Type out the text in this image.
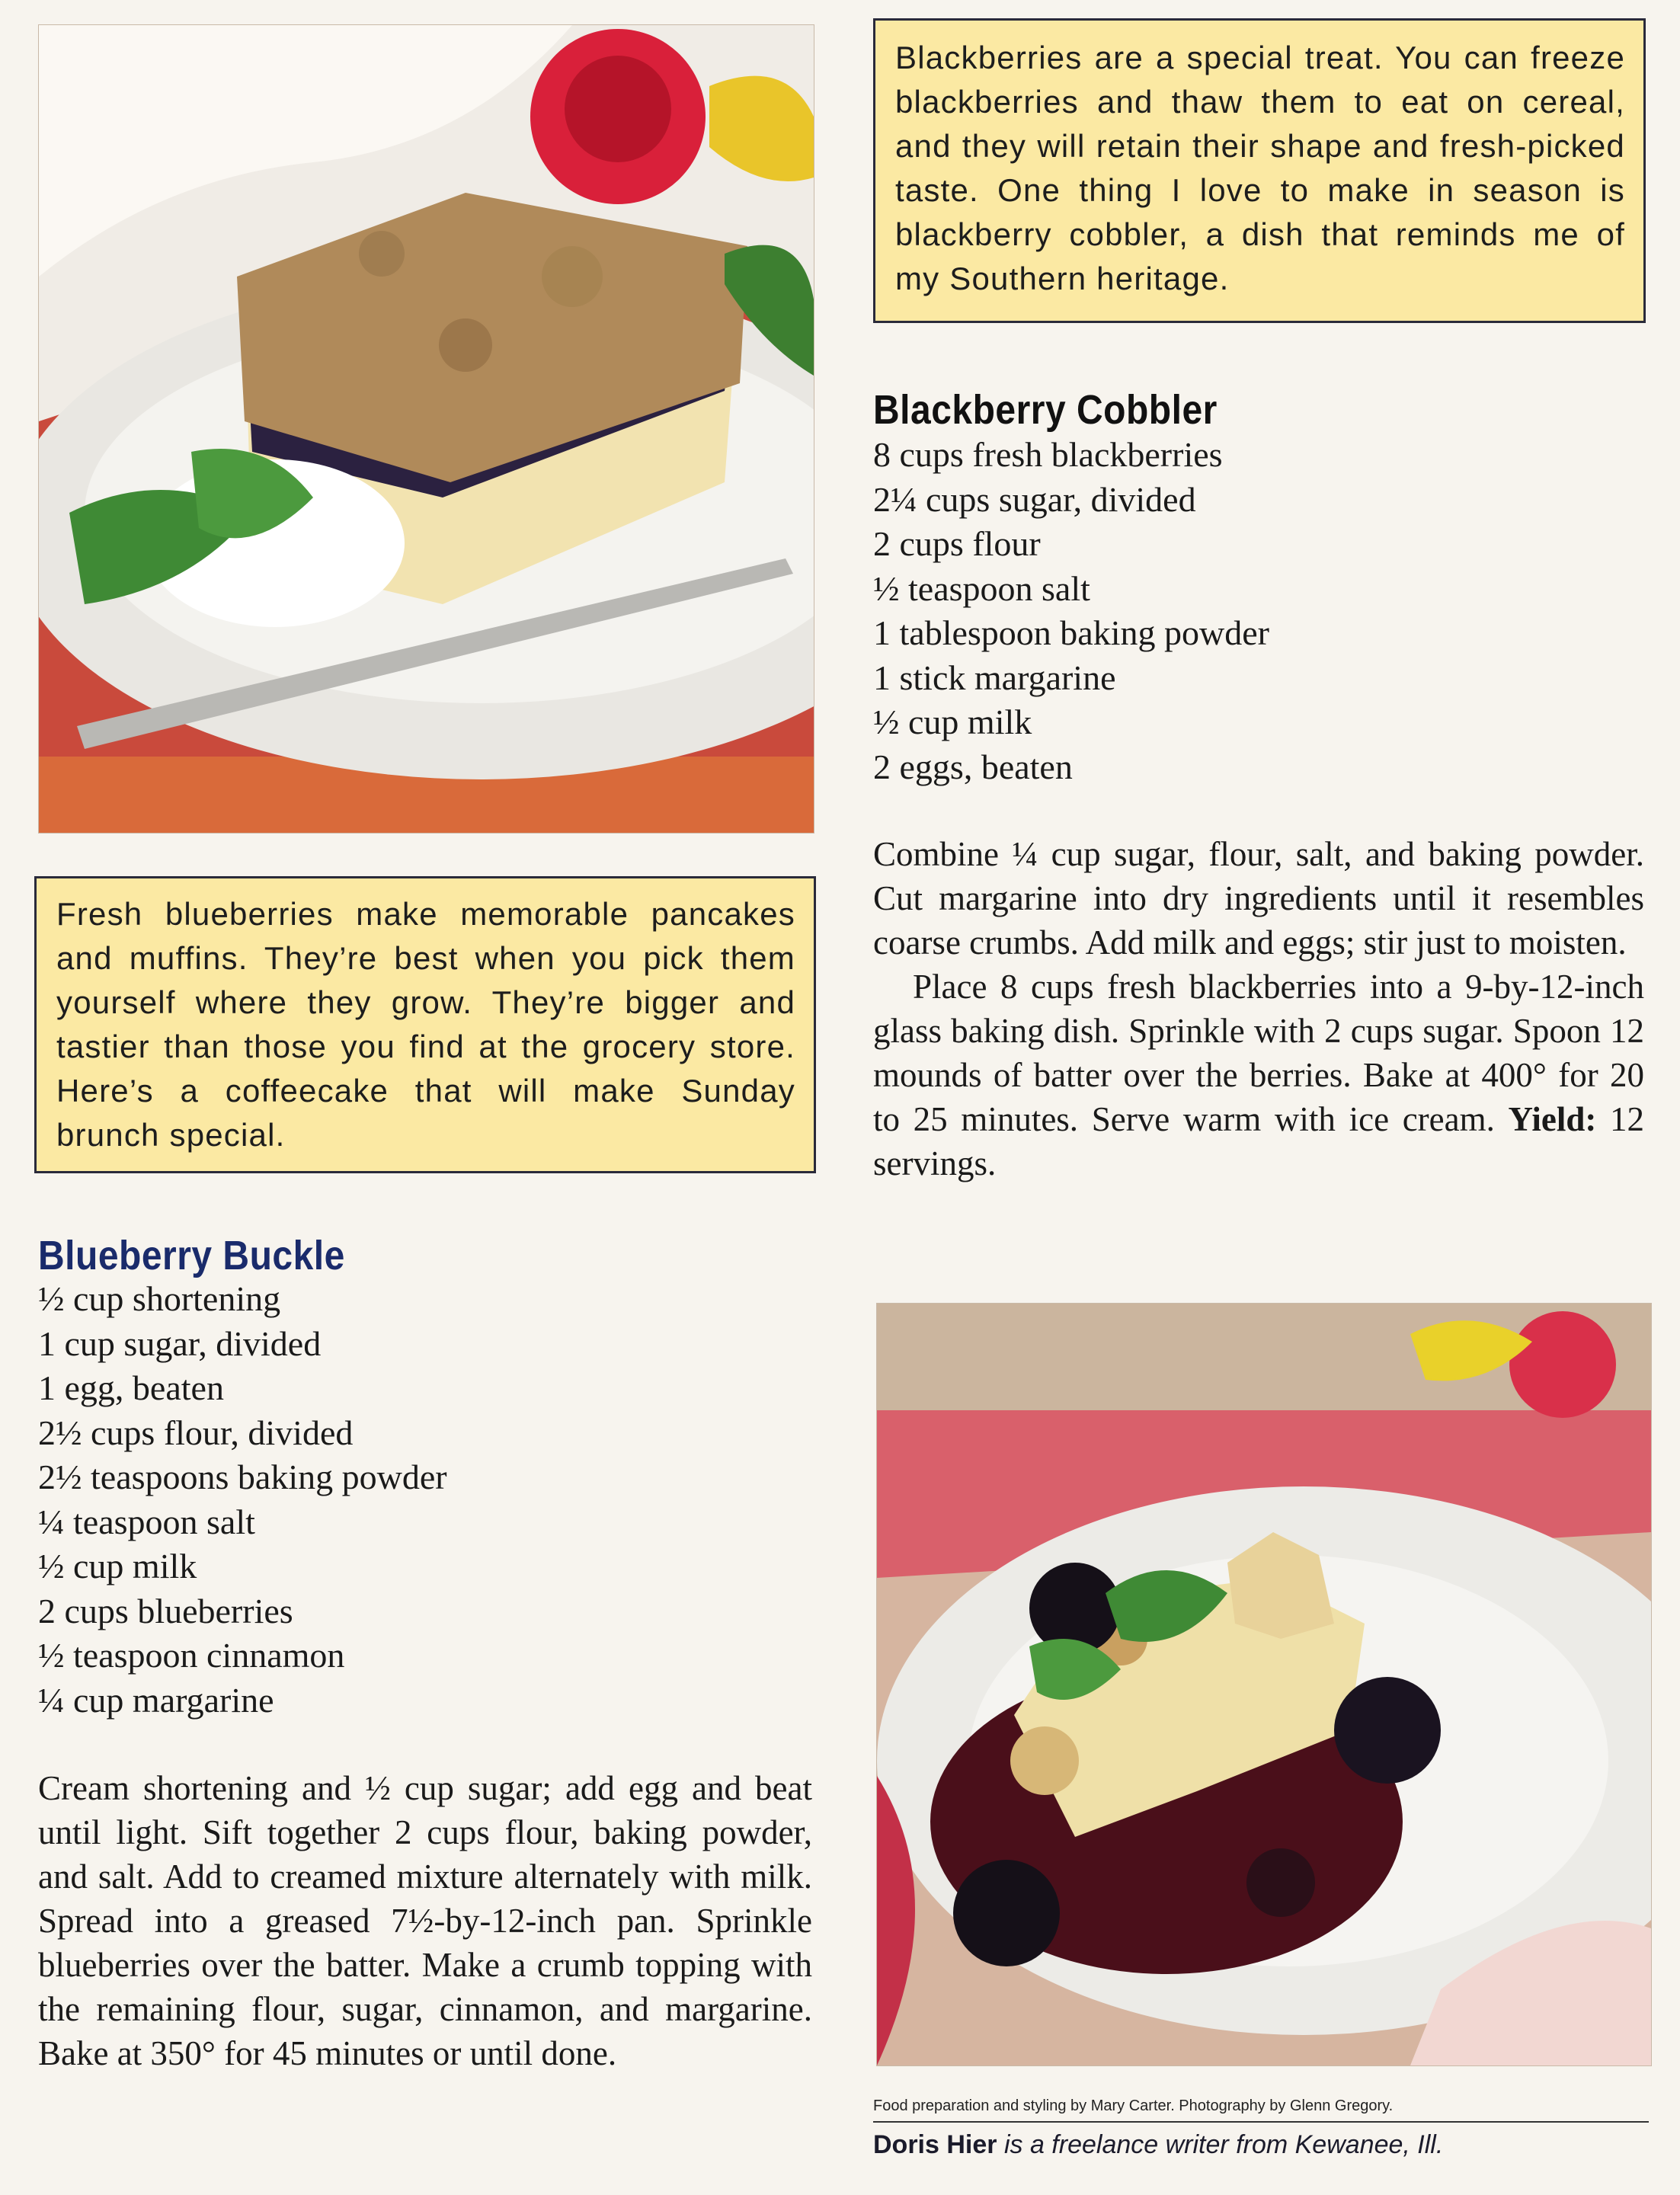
Blackberries are a special treat. You can freeze blackberries and thaw them to eat on cereal, and they will retain their shape and fresh-picked taste. One thing I love to make in season is blackberry cobbler, a dish that reminds me of my Southern heritage.
Fresh blueberries make memorable pancakes and muffins. They’re best when you pick them yourself where they grow. They’re bigger and tastier than those you find at the grocery store. Here’s a coffeecake that will make Sunday brunch special.
Blackberry Cobbler
8 cups fresh blackberries
2¼ cups sugar, divided
2 cups flour
½ teaspoon salt
1 tablespoon baking powder
1 stick margarine
½ cup milk
2 eggs, beaten

Combine ¼ cup sugar, flour, salt, and baking powder. Cut margarine into dry ingredients until it resembles coarse crumbs. Add milk and eggs; stir just to moisten.

Place 8 cups fresh blackberries into a 9-by-12-inch glass baking dish. Sprinkle with 2 cups sugar. Spoon 12 mounds of batter over the berries. Bake at 400° for 20 to 25 minutes. Serve warm with ice cream. Yield: 12 servings.

Blueberry Buckle
½ cup shortening
1 cup sugar, divided
1 egg, beaten
2½ cups flour, divided
2½ teaspoons baking powder
¼ teaspoon salt
½ cup milk
2 cups blueberries
½ teaspoon cinnamon
¼ cup margarine

Cream shortening and ½ cup sugar; add egg and beat until light. Sift together 2 cups flour, baking powder, and salt. Add to creamed mixture alternately with milk. Spread into a greased 7½-by-12-inch pan. Sprinkle blueberries over the batter. Make a crumb topping with the remaining flour, sugar, cinnamon, and margarine. Bake at 350° for 45 minutes or until done.

Food preparation and styling by Mary Carter. Photography by Glenn Gregory.
Doris Hier is a freelance writer from Kewanee, Ill.
